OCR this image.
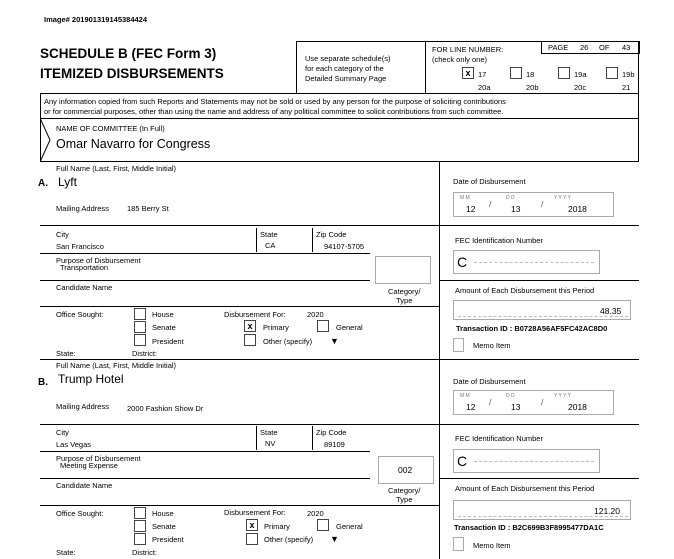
Image# 201901319145384424
SCHEDULE B (FEC Form 3)
ITEMIZED DISBURSEMENTS
Use separate schedule(s)
for each category of the
Detailed Summary Page
FOR LINE NUMBER:
(check only one)
PAGE 26 OF 43
x	17	18	19a	19b
20a	20b	20c	21
Any information copied from such Reports and Statements may not be sold or used by any person for the purpose of soliciting contributions
or for commercial purposes, other than using the name and address of any political committee to solicit contributions from such committee.
NAME OF COMMITTEE (In Full)
Omar Navarro for Congress
Full Name (Last, First, Middle Initial)
A. Lyft
Mailing Address 185 Berry St
City
San Francisco
State
CA
Zip Code
94107-5705
Purpose of Disbursement
Transportation
Candidate Name	Category/
Type
Office Sought:	House
Senate
President
Disbursement For:	2020
x	Primary	General
Other (specify) ▼
State:	District:
Date of Disbursement
M M
12 /
D D
13 /
Y Y Y Y
2018
FEC Identification Number
C
Amount of Each Disbursement this Period
48.35
Transaction ID : B0728A56AF5FC42AC8D0
Memo Item
Full Name (Last, First, Middle Initial)
B. Trump Hotel
Mailing Address 2000 Fashion Show Dr
City
Las Vegas
State
NV
Zip Code
89109
Purpose of Disbursement
Meeting Expense	002
Candidate Name
Category/
Type
Office Sought:	House
Senate
President
Disbursement For:	2020
x	Primary	General
Other (specify) ▼
State:	District:
Date of Disbursement
M M
12 /
D D
13 /
Y Y Y Y
2018
FEC Identification Number
C
Amount of Each Disbursement this Period
121.20
Transaction ID : B2C699B3F8995477DA1C
Memo Item
